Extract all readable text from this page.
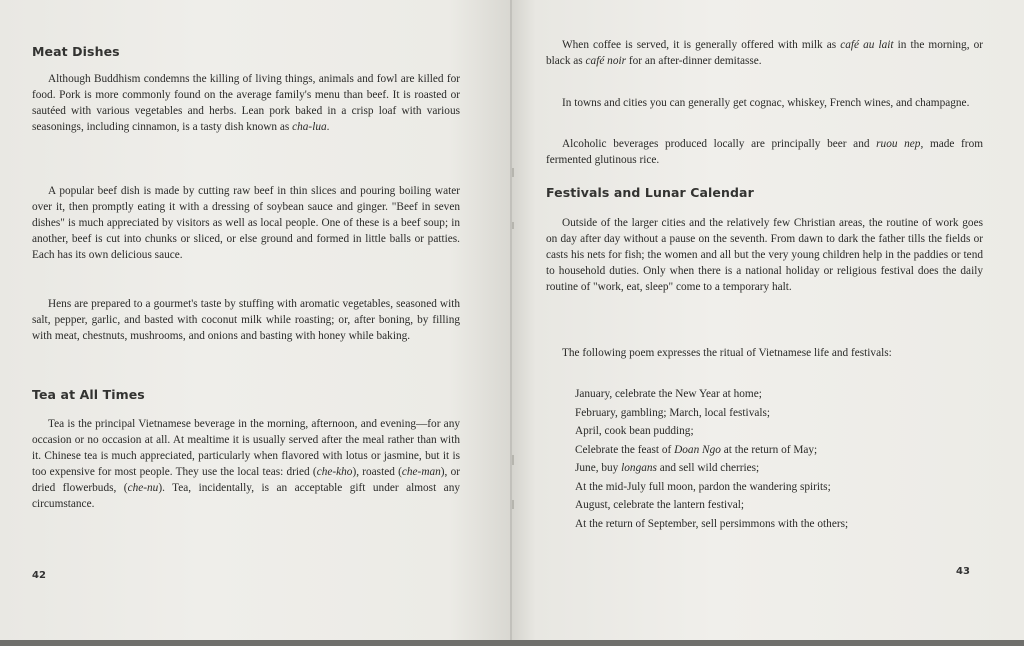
Meat Dishes

Although Buddhism condemns the killing of living things, animals and fowl are killed for food. Pork is more commonly found on the average family's menu than beef. It is roasted or sautéed with various vegetables and herbs. Lean pork baked in a crisp loaf with various seasonings, including cinnamon, is a tasty dish known as cha-lua.

A popular beef dish is made by cutting raw beef in thin slices and pouring boiling water over it, then promptly eating it with a dressing of soybean sauce and ginger. "Beef in seven dishes" is much appreciated by visitors as well as local people. One of these is a beef soup; in another, beef is cut into chunks or sliced, or else ground and formed in little balls or patties. Each has its own delicious sauce.

Hens are prepared to a gourmet's taste by stuffing with aromatic vegetables, seasoned with salt, pepper, garlic, and basted with coconut milk while roasting; or, after boning, by filling with meat, chestnuts, mushrooms, and onions and basting with honey while baking.

Tea at All Times

Tea is the principal Vietnamese beverage in the morning, afternoon, and evening—for any occasion or no occasion at all. At mealtime it is usually served after the meal rather than with it. Chinese tea is much appreciated, particularly when flavored with lotus or jasmine, but it is too expensive for most people. They use the local teas: dried (che-kho), roasted (che-man), or dried flowerbuds, (che-nu). Tea, incidentally, is an acceptable gift under almost any circumstance.

42

When coffee is served, it is generally offered with milk as café au lait in the morning, or black as café noir for an after-dinner demitasse.

In towns and cities you can generally get cognac, whiskey, French wines, and champagne.

Alcoholic beverages produced locally are principally beer and ruou nep, made from fermented glutinous rice.

Festivals and Lunar Calendar

Outside of the larger cities and the relatively few Christian areas, the routine of work goes on day after day without a pause on the seventh. From dawn to dark the father tills the fields or casts his nets for fish; the women and all but the very young children help in the paddies or tend to household duties. Only when there is a national holiday or religious festival does the daily routine of "work, eat, sleep" come to a temporary halt.

The following poem expresses the ritual of Vietnamese life and festivals:

January, celebrate the New Year at home;
February, gambling; March, local festivals;
April, cook bean pudding;
Celebrate the feast of Doan Ngo at the return of May;
June, buy longans and sell wild cherries;
At the mid-July full moon, pardon the wandering spirits;
August, celebrate the lantern festival;
At the return of September, sell persimmons with the others;
43
